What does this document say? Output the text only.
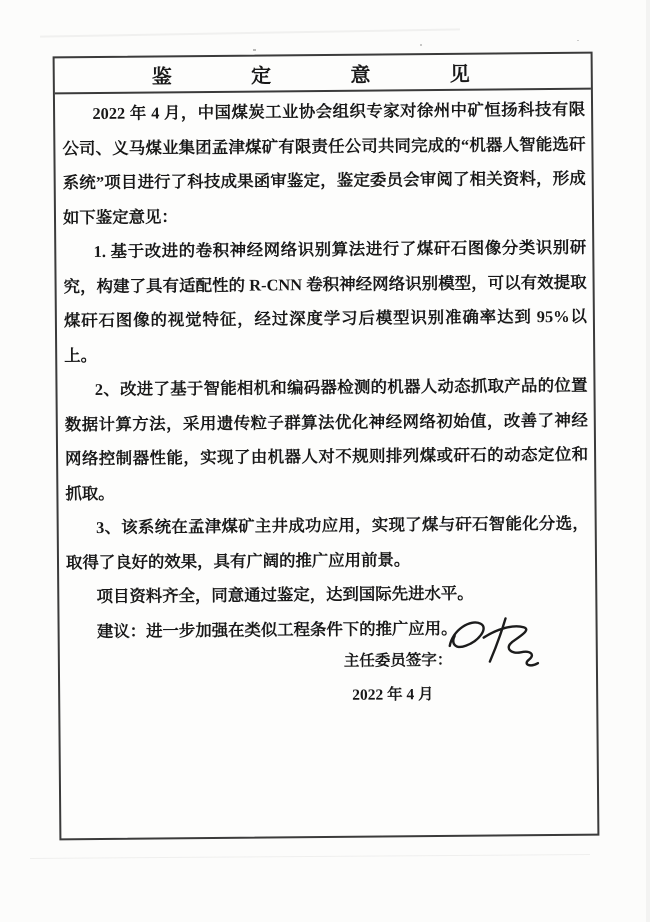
鉴	定	意	见

2022 年 4 月，中国煤炭工业协会组织专家对徐州中矿恒扬科技有限公司、义马煤业集团孟津煤矿有限责任公司共同完成的“机器人智能选矸系统”项目进行了科技成果函审鉴定，鉴定委员会审阅了相关资料，形成如下鉴定意见：

1. 基于改进的卷积神经网络识别算法进行了煤矸石图像分类识别研究，构建了具有适配性的 R-CNN 卷积神经网络识别模型，可以有效提取煤矸石图像的视觉特征，经过深度学习后模型识别准确率达到 95%以上。

2、改进了基于智能相机和编码器检测的机器人动态抓取产品的位置数据计算方法，采用遗传粒子群算法优化神经网络初始值，改善了神经网络控制器性能，实现了由机器人对不规则排列煤或矸石的动态定位和抓取。

3、该系统在孟津煤矿主井成功应用，实现了煤与矸石智能化分选，取得了良好的效果，具有广阔的推广应用前景。

项目资料齐全，同意通过鉴定，达到国际先进水平。

建议：进一步加强在类似工程条件下的推广应用。

主任委员签字：
2022 年 4 月
